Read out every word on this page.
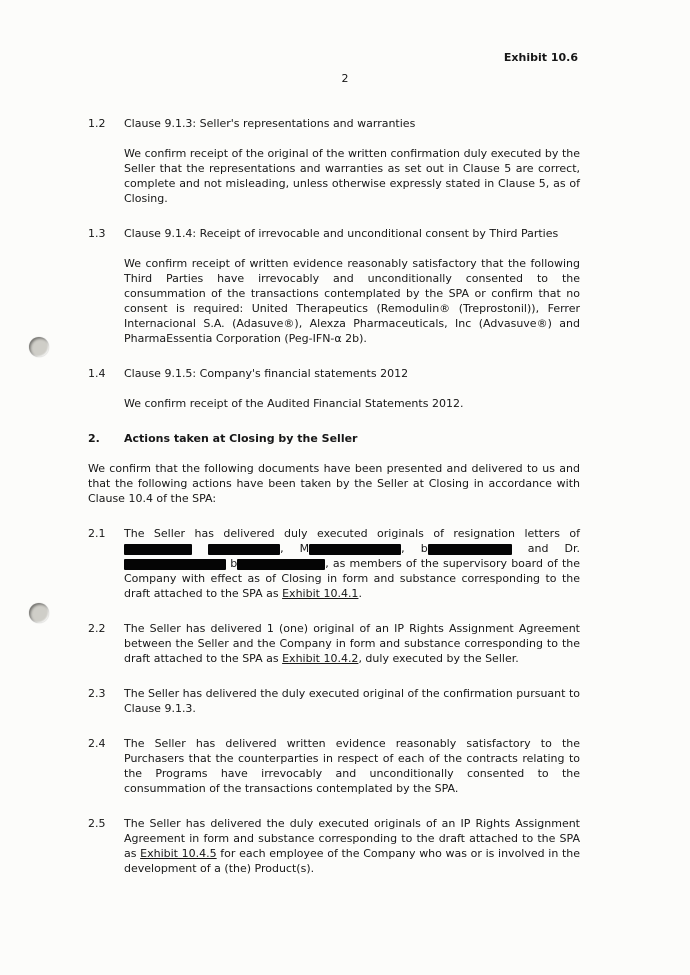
Exhibit 10.6
2
1.2	Clause 9.1.3: Seller's representations and warranties

We confirm receipt of the original of the written confirmation duly executed by the Seller that the representations and warranties as set out in Clause 5 are correct, complete and not misleading, unless otherwise expressly stated in Clause 5, as of Closing.

1.3	Clause 9.1.4: Receipt of irrevocable and unconditional consent by Third Parties

We confirm receipt of written evidence reasonably satisfactory that the following Third Parties have irrevocably and unconditionally consented to the consummation of the transactions contemplated by the SPA or confirm that no consent is required: United Therapeutics (Remodulin® (Treprostonil)), Ferrer Internacional S.A. (Adasuve®), Alexza Pharmaceuticals, Inc (Advasuve®) and PharmaEssentia Corporation (Peg-IFN-α 2b).

1.4	Clause 9.1.5: Company's financial statements 2012

We confirm receipt of the Audited Financial Statements 2012.

2.	Actions taken at Closing by the Seller

We confirm that the following documents have been presented and delivered to us and that the following actions have been taken by the Seller at Closing in accordance with Clause 10.4 of the SPA:

2.1	The Seller has delivered duly executed originals of resignation letters of  , M	, b	and Dr.  b	, as members of the supervisory board of the Company with effect as of Closing in form and substance corresponding to the draft attached to the SPA as Exhibit 10.4.1.

2.2	The Seller has delivered 1 (one) original of an IP Rights Assignment Agreement between the Seller and the Company in form and substance corresponding to the draft attached to the SPA as Exhibit 10.4.2, duly executed by the Seller.

2.3	The Seller has delivered the duly executed original of the confirmation pursuant to Clause 9.1.3.

2.4	The Seller has delivered written evidence reasonably satisfactory to the Purchasers that the counterparties in respect of each of the contracts relating to the Programs have irrevocably and unconditionally consented to the consummation of the transactions contemplated by the SPA.

2.5	The Seller has delivered the duly executed originals of an IP Rights Assignment Agreement in form and substance corresponding to the draft attached to the SPA as Exhibit 10.4.5 for each employee of the Company who was or is involved in the development of a (the) Product(s).
